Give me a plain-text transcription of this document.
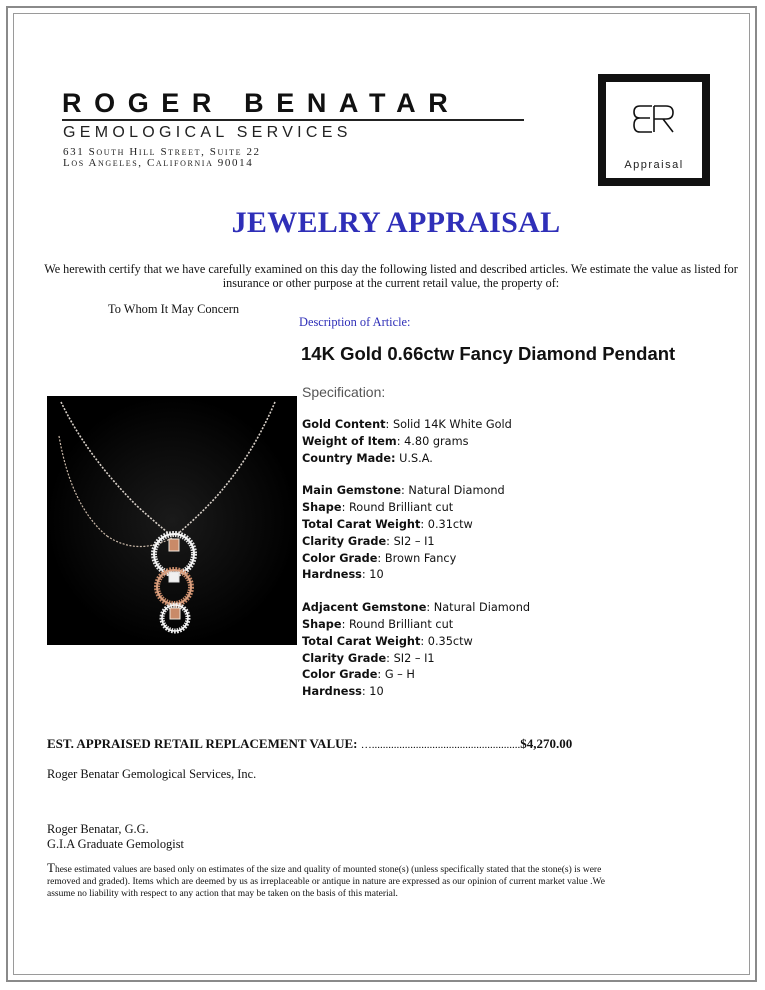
ROGER BENATAR
GEMOLOGICAL SERVICES
631 South Hill Street, Suite 22
Los Angeles, California 90014	Appraisal
JEWELRY APPRAISAL
We herewith certify that we have carefully examined on this day the following listed and described articles. We estimate the value as listed for insurance or other purpose at the current retail value, the property of:
To Whom It May Concern
Description of Article:
14K Gold 0.66ctw Fancy Diamond Pendant
Specification:
Gold Content: Solid 14K White Gold
Weight of Item: 4.80 grams
Country Made: U.S.A.
Main Gemstone: Natural Diamond
Shape: Round Brilliant cut
Total Carat Weight: 0.31ctw
Clarity Grade: SI2 – I1
Color Grade: Brown Fancy
Hardness: 10
Adjacent Gemstone: Natural Diamond
Shape: Round Brilliant cut
Total Carat Weight: 0.35ctw
Clarity Grade: SI2 – I1
Color Grade: G – H
Hardness: 10
EST. APPRAISED RETAIL REPLACEMENT VALUE: …......................................................$4,270.00
Roger Benatar Gemological Services, Inc.
Roger Benatar, G.G.
G.I.A Graduate Gemologist
These estimated values are based only on estimates of the size and quality of mounted stone(s) (unless specifically stated that the stone(s) is were removed and graded). Items which are deemed by us as irreplaceable or antique in nature are expressed as our opinion of current market value .We assume no liability with respect to any action that may be taken on the basis of this material.
